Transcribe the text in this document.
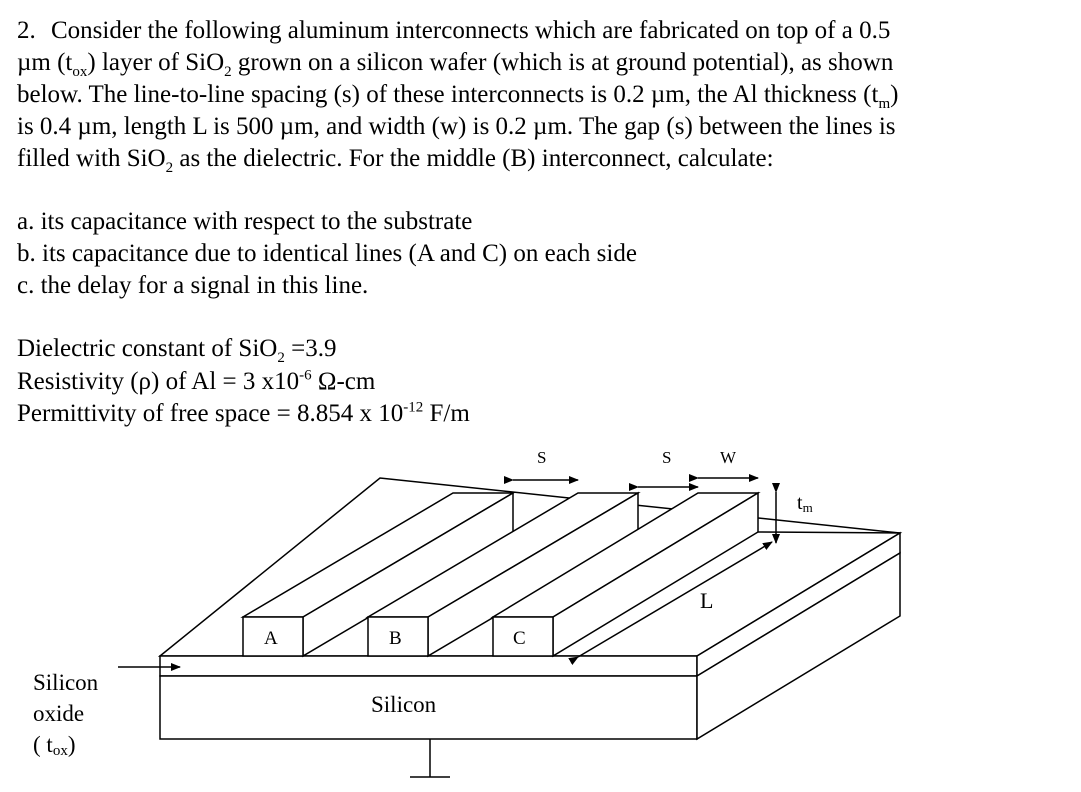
2. Consider the following aluminum interconnects which are fabricated on top of a 0.5
µm $(t_{ox})$ layer of SiO$_2$ grown on a silicon wafer (which is at ground potential), as shown
below. The line-to-line spacing (s) of these interconnects is 0.2 µm, the Al thickness $(t_m)$
is 0.4 µm, length L is 500 µm, and width (w) is 0.2 µm. The gap (s) between the lines is
filled with SiO$_2$ as the dielectric. For the middle (B) interconnect, calculate:
a. its capacitance with respect to the substrate
b. its capacitance due to identical lines (A and C) on each side
c. the delay for a signal in this line.
Dielectric constant of SiO$_2$ =3.9
Resistivity (ρ) of Al = 3 $x10^{-6}$ Ω-cm
Permittivity of free space = 8.854 x $10^{-12}$ F/m
S	S	W
tm
L
A	B	C
Silicon
Silicon
oxide
( tox)
